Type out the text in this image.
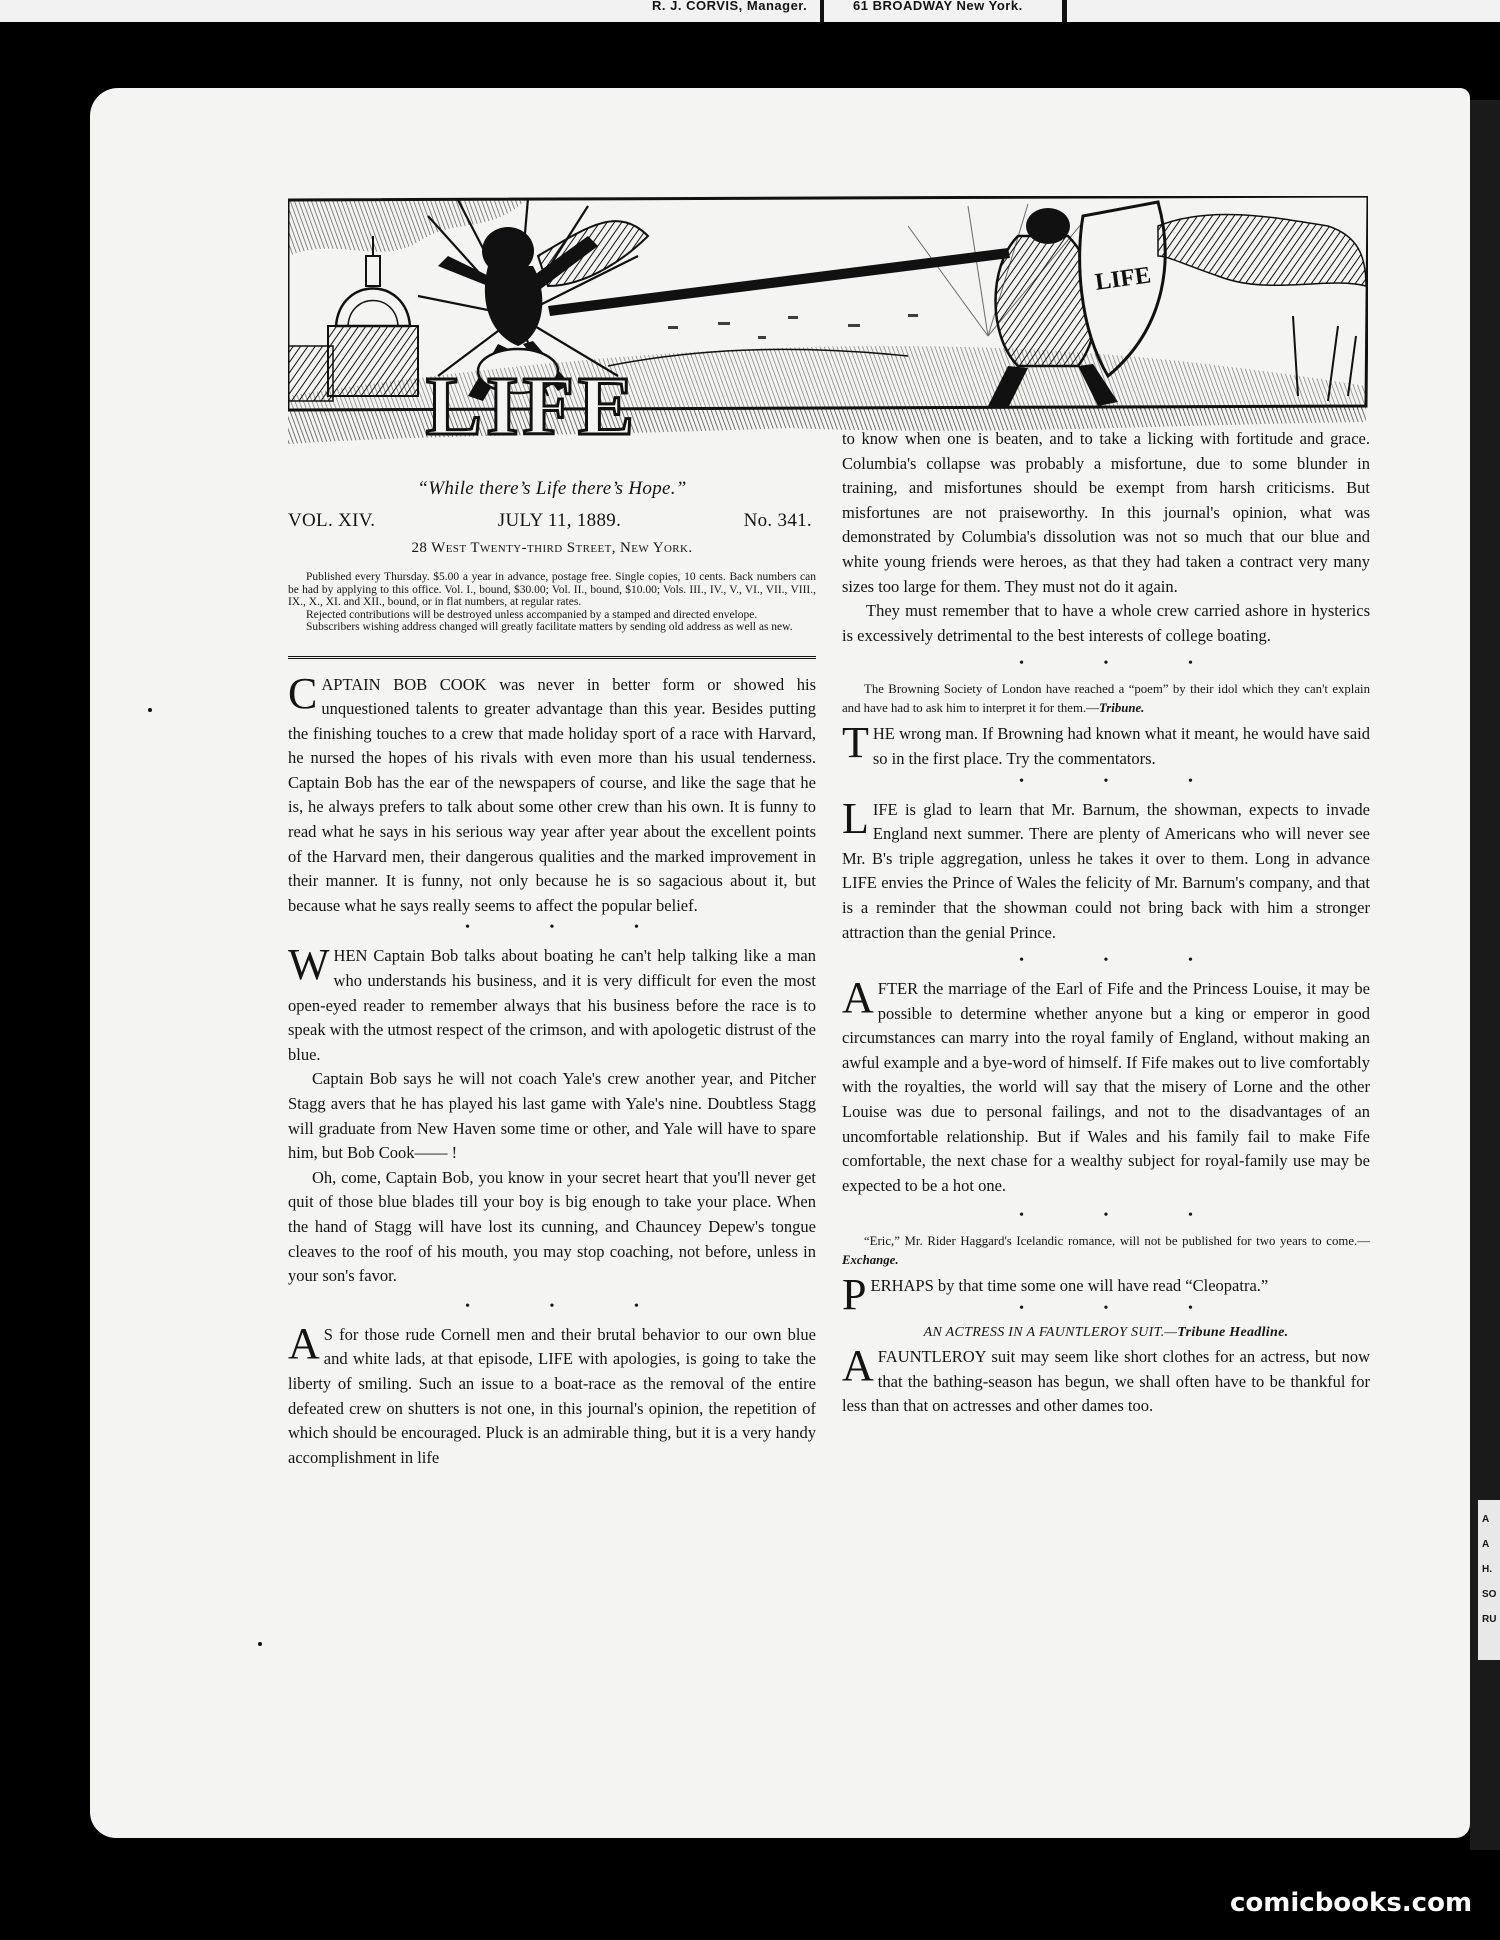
R. J. CORVIS, Manager.	61 BROADWAY New York.
A
A
H.
SO
RU
LIFE
LIFE
“While there’s Life there’s Hope.”
VOL. XIV.	JULY 11, 1889.	No. 341.
28 West Twenty-third Street, New York.

Published every Thursday. $5.00 a year in advance, postage free. Single copies, 10 cents. Back numbers can be had by applying to this office. Vol. I., bound, $30.00; Vol. II., bound, $10.00; Vols. III., IV., V., VI., VII., VIII., IX., X., XI. and XII., bound, or in flat numbers, at regular rates.

Rejected contributions will be destroyed unless accompanied by a stamped and directed envelope.

Subscribers wishing address changed will greatly facilitate matters by sending old address as well as new.

CAPTAIN BOB COOK was never in better form or showed his unquestioned talents to greater advantage than this year. Besides putting the finishing touches to a crew that made holiday sport of a race with Harvard, he nursed the hopes of his rivals with even more than his usual tenderness. Captain Bob has the ear of the newspapers of course, and like the sage that he is, he always prefers to talk about some other crew than his own. It is funny to read what he says in his serious way year after year about the excellent points of the Harvard men, their dangerous qualities and the marked improvement in their manner. It is funny, not only because he is so sagacious about it, but because what he says really seems to affect the popular belief.

• • •

WHEN Captain Bob talks about boating he can't help talking like a man who understands his business, and it is very difficult for even the most open-eyed reader to remember always that his business before the race is to speak with the utmost respect of the crimson, and with apologetic distrust of the blue.

Captain Bob says he will not coach Yale's crew another year, and Pitcher Stagg avers that he has played his last game with Yale's nine. Doubtless Stagg will graduate from New Haven some time or other, and Yale will have to spare him, but Bob Cook—— !

Oh, come, Captain Bob, you know in your secret heart that you'll never get quit of those blue blades till your boy is big enough to take your place. When the hand of Stagg will have lost its cunning, and Chauncey Depew's tongue cleaves to the roof of his mouth, you may stop coaching, not before, unless in your son's favor.

• • •

A S for those rude Cornell men and their brutal behavior to our own blue and white lads, at that episode, LIFE with apologies, is going to take the liberty of smiling. Such an issue to a boat-race as the removal of the entire defeated crew on shutters is not one, in this journal's opinion, the repetition of which should be encouraged. Pluck is an admirable thing, but it is a very handy accomplishment in life

to know when one is beaten, and to take a licking with fortitude and grace. Columbia's collapse was probably a misfortune, due to some blunder in training, and misfortunes should be exempt from harsh criticisms. But misfortunes are not praiseworthy. In this journal's opinion, what was demonstrated by Columbia's dissolution was not so much that our blue and white young friends were heroes, as that they had taken a contract very many sizes too large for them. They must not do it again.

They must remember that to have a whole crew carried ashore in hysterics is excessively detrimental to the best interests of college boating.

• • •

The Browning Society of London have reached a “poem” by their idol which they can't explain and have had to ask him to interpret it for them.—Tribune.

THE wrong man. If Browning had known what it meant, he would have said so in the first place. Try the commentators.

• • •

LIFE is glad to learn that Mr. Barnum, the showman, expects to invade England next summer. There are plenty of Americans who will never see Mr. B's triple aggregation, unless he takes it over to them. Long in advance LIFE envies the Prince of Wales the felicity of Mr. Barnum's company, and that is a reminder that the showman could not bring back with him a stronger attraction than the genial Prince.

• • •

AFTER the marriage of the Earl of Fife and the Princess Louise, it may be possible to determine whether anyone but a king or emperor in good circumstances can marry into the royal family of England, without making an awful example and a bye-word of himself. If Fife makes out to live comfortably with the royalties, the world will say that the misery of Lorne and the other Louise was due to personal failings, and not to the disadvantages of an uncomfortable relationship. But if Wales and his family fail to make Fife comfortable, the next chase for a wealthy subject for royal-family use may be expected to be a hot one.

• • •

“Eric,” Mr. Rider Haggard's Icelandic romance, will not be published for two years to come.—Exchange.

PERHAPS by that time some one will have read “Cleopatra.”

• • •

AN ACTRESS IN A FAUNTLEROY SUIT.—Tribune Headline.

AFAUNTLEROY suit may seem like short clothes for an actress, but now that the bathing-season has begun, we shall often have to be thankful for less than that on actresses and other dames too.

comicbooks.com
